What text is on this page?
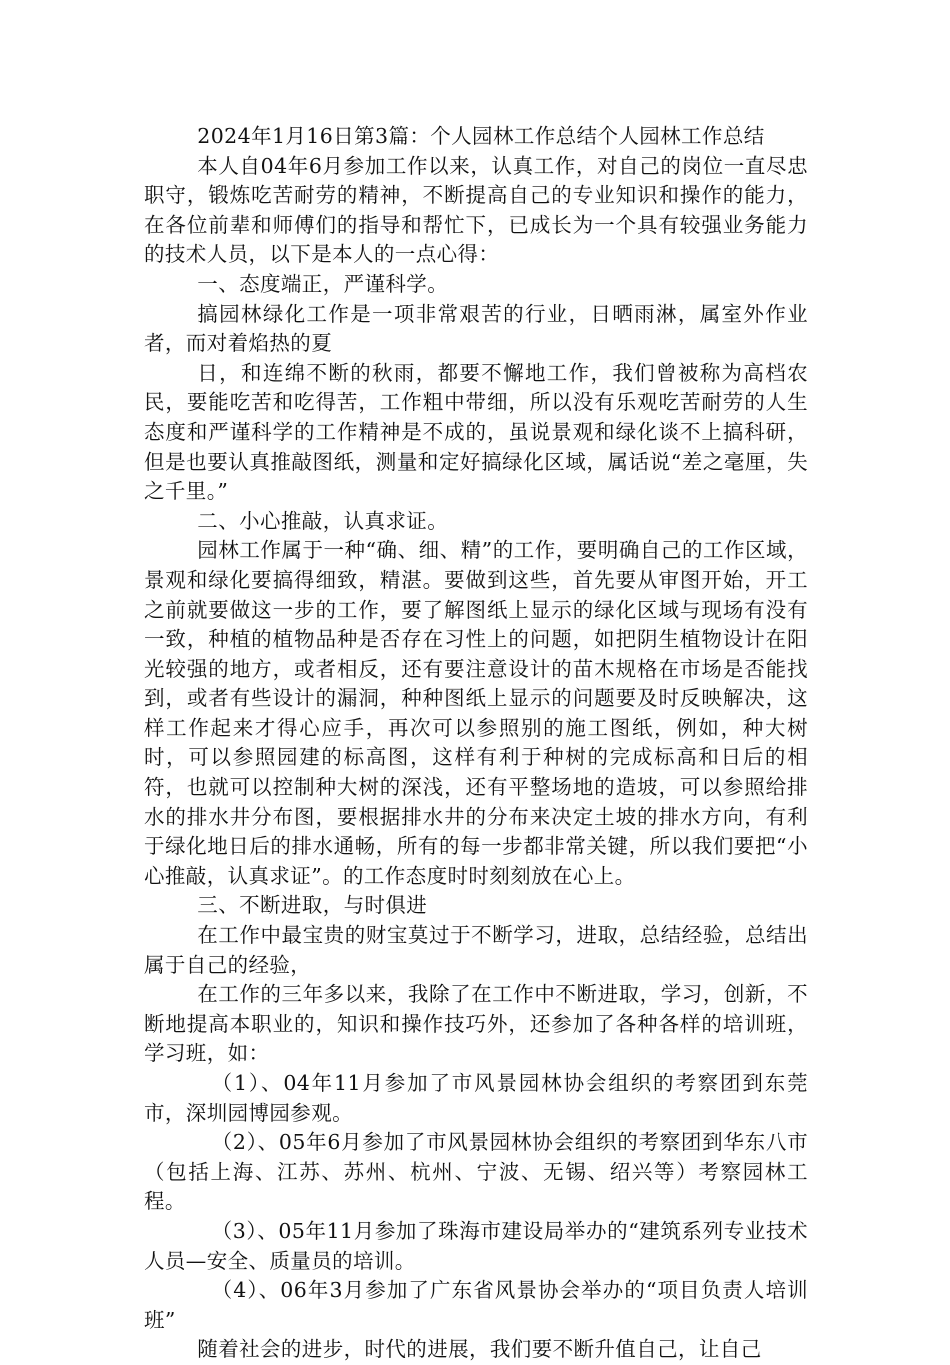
2024年1月16日第3篇：个人园林工作总结个人园林工作总结

本人自04年6月参加工作以来，认真工作，对自己的岗位一直尽忠职守，锻炼吃苦耐劳的精神，不断提高自己的专业知识和操作的能力，在各位前辈和师傅们的指导和帮忙下，已成长为一个具有较强业务能力的技术人员，以下是本人的一点心得：

一、态度端正，严谨科学。

搞园林绿化工作是一项非常艰苦的行业，日晒雨淋，属室外作业者，而对着焰热的夏

日，和连绵不断的秋雨，都要不懈地工作，我们曾被称为高档农民，要能吃苦和吃得苦，工作粗中带细，所以没有乐观吃苦耐劳的人生态度和严谨科学的工作精神是不成的，虽说景观和绿化谈不上搞科研，但是也要认真推敲图纸，测量和定好搞绿化区域，属话说“差之毫厘，失之千里。”

二、小心推敲，认真求证。

园林工作属于一种“确、细、精”的工作，要明确自己的工作区域，景观和绿化要搞得细致，精湛。要做到这些，首先要从审图开始，开工之前就要做这一步的工作，要了解图纸上显示的绿化区域与现场有没有一致，种植的植物品种是否存在习性上的问题，如把阴生植物设计在阳光较强的地方，或者相反，还有要注意设计的苗木规格在市场是否能找到，或者有些设计的漏洞，种种图纸上显示的问题要及时反映解决，这样工作起来才得心应手，再次可以参照别的施工图纸，例如，种大树时，可以参照园建的标高图，这样有利于种树的完成标高和日后的相符，也就可以控制种大树的深浅，还有平整场地的造坡，可以参照给排水的排水井分布图，要根据排水井的分布来决定土坡的排水方向，有利于绿化地日后的排水通畅，所有的每一步都非常关键，所以我们要把“小心推敲，认真求证”。的工作态度时时刻刻放在心上。

三、不断进取，与时俱进

在工作中最宝贵的财宝莫过于不断学习，进取，总结经验，总结出属于自己的经验，

在工作的三年多以来，我除了在工作中不断进取，学习，创新，不断地提高本职业的，知识和操作技巧外，还参加了各种各样的培训班，学习班，如：

（1）、04年11月参加了市风景园林协会组织的考察团到东莞市，深圳园博园参观。

（2）、05年6月参加了市风景园林协会组织的考察团到华东八市（包括上海、江苏、苏州、杭州、宁波、无锡、绍兴等）考察园林工程。

（3）、05年11月参加了珠海市建设局举办的“建筑系列专业技术人员—安全、质量员的培训。

（4）、06年3月参加了广东省风景协会举办的“项目负责人培训班”

随着社会的进步，时代的进展，我们要不断升值自己，让自己
